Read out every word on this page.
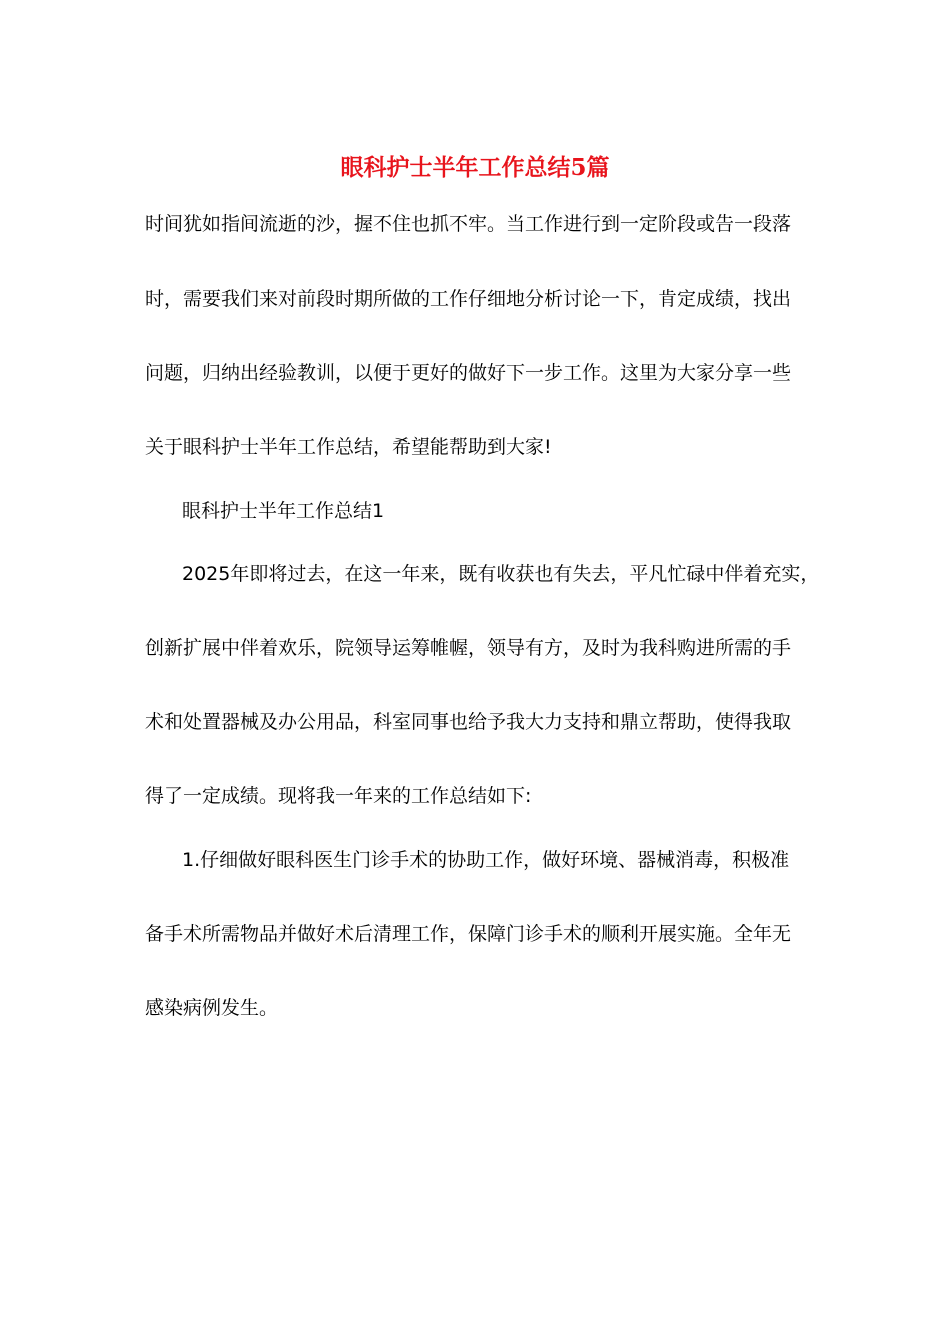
眼科护士半年工作总结5篇
时间犹如指间流逝的沙，握不住也抓不牢。当工作进行到一定阶段或告一段落
时，需要我们来对前段时期所做的工作仔细地分析讨论一下，肯定成绩，找出
问题，归纳出经验教训，以便于更好的做好下一步工作。这里为大家分享一些
关于眼科护士半年工作总结，希望能帮助到大家!
眼科护士半年工作总结1
2025年即将过去，在这一年来，既有收获也有失去，平凡忙碌中伴着充实，
创新扩展中伴着欢乐，院领导运筹帷幄，领导有方，及时为我科购进所需的手
术和处置器械及办公用品，科室同事也给予我大力支持和鼎立帮助，使得我取
得了一定成绩。现将我一年来的工作总结如下:
1.仔细做好眼科医生门诊手术的协助工作，做好环境、器械消毒，积极准
备手术所需物品并做好术后清理工作，保障门诊手术的顺利开展实施。全年无
感染病例发生。
